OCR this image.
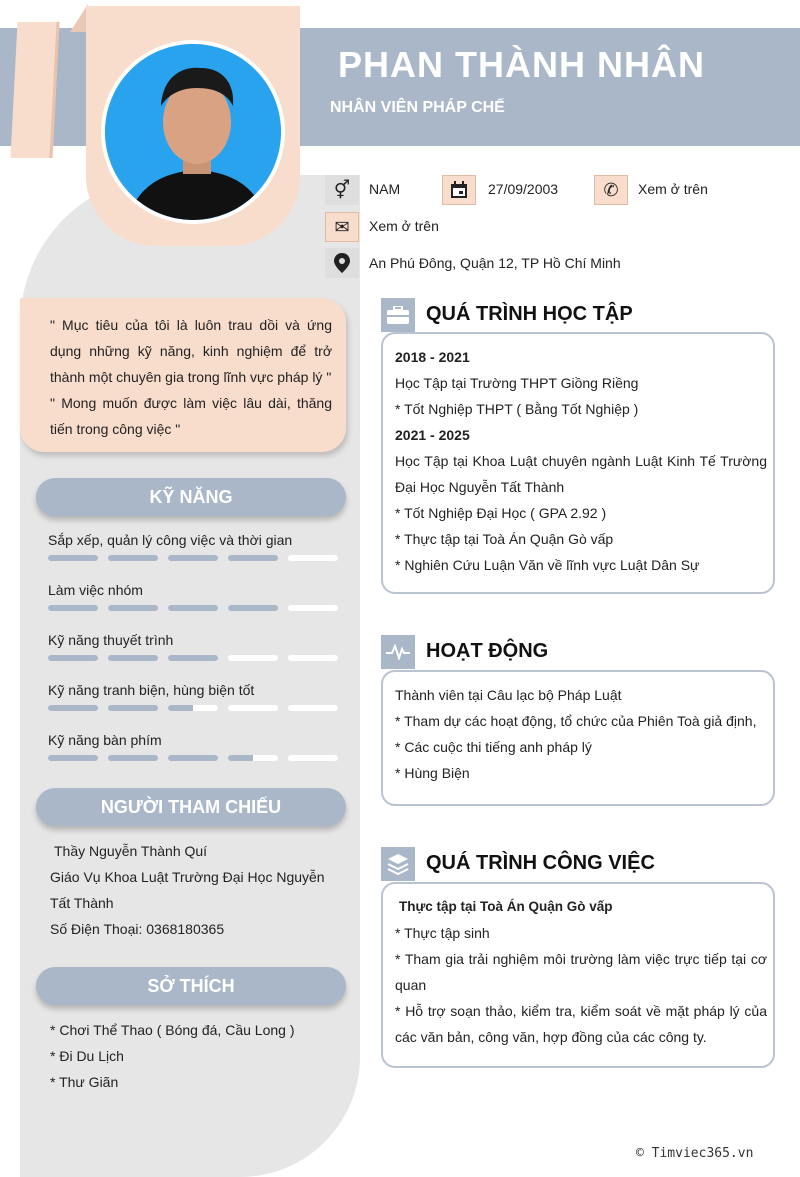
PHAN THÀNH NHÂN
NHÂN VIÊN PHÁP CHẾ
⚥	NAM	27/09/2003	✆	Xem ở trên
✉	Xem ở trên
An Phú Đông, Quận 12, TP Hồ Chí Minh
" Mục tiêu của tôi là luôn trau dồi và ứng dụng những kỹ năng, kinh nghiệm để trở thành một chuyên gia trong lĩnh vực pháp lý "
" Mong muốn được làm việc lâu dài, thăng tiến trong công việc "
KỸ NĂNG
Sắp xếp, quản lý công việc và thời gian
Làm việc nhóm
Kỹ năng thuyết trình
Kỹ năng tranh biện, hùng biện tốt
Kỹ năng bàn phím
NGƯỜI THAM CHIẾU
Thầy Nguyễn Thành Quí
Giáo Vụ Khoa Luật Trường Đại Học Nguyễn Tất Thành
Số Điện Thoại: 0368180365
SỞ THÍCH
* Chơi Thể Thao ( Bóng đá, Cầu Long )
* Đi Du Lịch
* Thư Giãn
QUÁ TRÌNH HỌC TẬP
2018 - 2021
Học Tập tại Trường THPT Giồng Riềng
* Tốt Nghiệp THPT ( Bằng Tốt Nghiệp )
2021 - 2025
Học Tập tại Khoa Luật chuyên ngành Luật Kinh Tế Trường Đại Học Nguyễn Tất Thành
* Tốt Nghiệp Đại Học ( GPA 2.92 )
* Thực tập tại Toà Án Quận Gò vấp
* Nghiên Cứu Luận Văn về lĩnh vực Luật Dân Sự
HOẠT ĐỘNG
Thành viên tại Câu lạc bộ Pháp Luật
* Tham dự các hoạt động, tổ chức của Phiên Toà giả định,
* Các cuộc thi tiếng anh pháp lý
* Hùng Biện
QUÁ TRÌNH CÔNG VIỆC
Thực tập tại Toà Án Quận Gò vấp
* Thực tập sinh
* Tham gia trải nghiệm môi trường làm việc trực tiếp tại cơ quan
* Hỗ trợ soạn thảo, kiểm tra, kiểm soát về mặt pháp lý của các văn bản, công văn, hợp đồng của các công ty.
© Timviec365.vn
